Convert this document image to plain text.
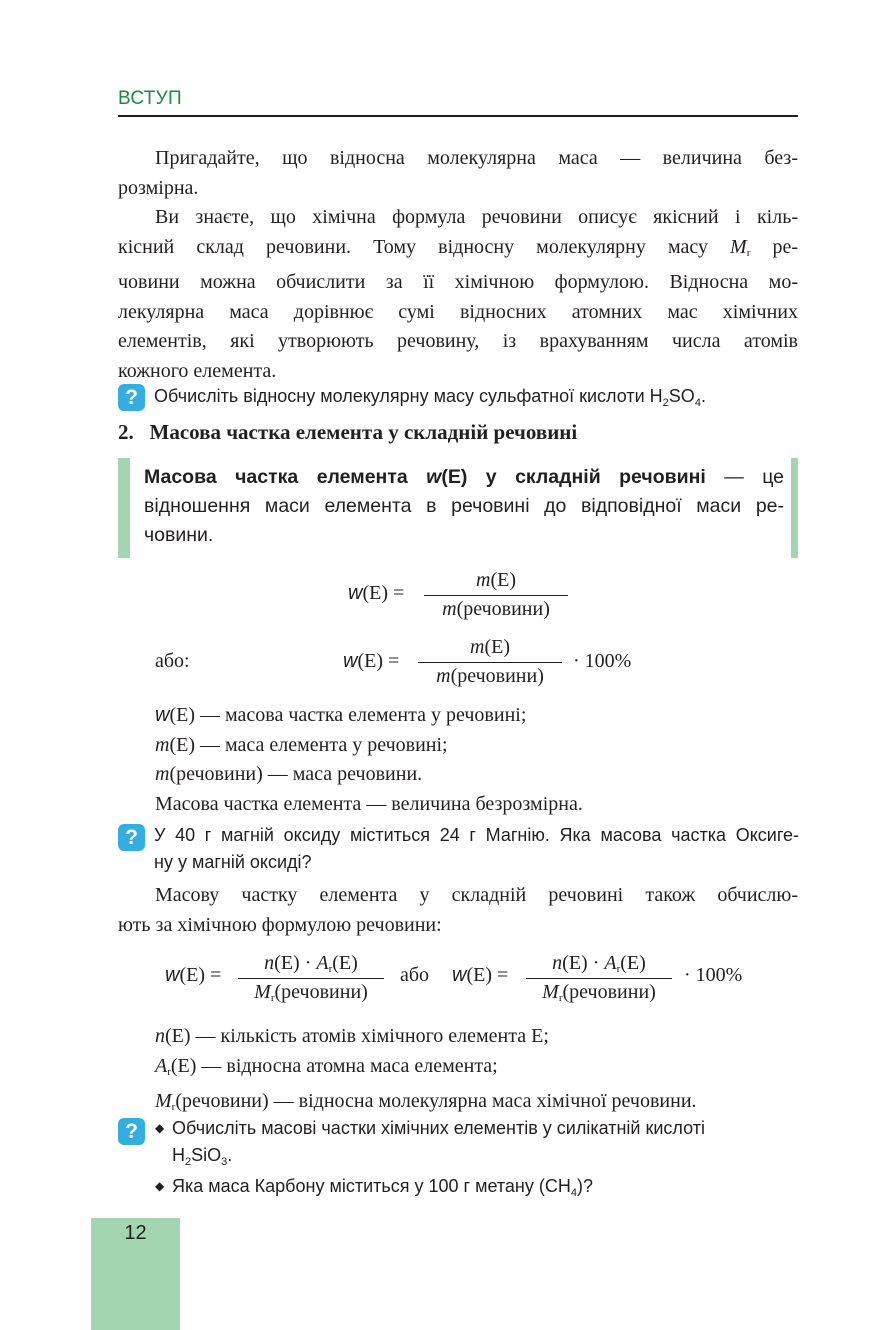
ВСТУП
Пригадайте, що відносна молекулярна маса — величина без-
розмірна.
Ви знаєте, що хімічна формула речовини описує якісний і кіль-
кісний склад речовини. Тому відносну молекулярну масу $M_r$ ре-
човини можна обчислити за її хімічною формулою. Відносна мо-
лекулярна маса дорівнює сумі відносних атомних мас хімічних
елементів, які утворюють речовину, із врахуванням числа атомів
кожного елемента.
? Обчисліть відносну молекулярну масу сульфатної кислоти $H_2SO_4$.
2.   Масова частка елемента у складній речовині
Масова частка елемента w(Е) у складній речовині — це
відношення маси елемента в речовині до відповідної маси ре-
човини.
w(Е) =
m(Е)
m(речовини)
або:	w(Е) =
m(Е)
m(речовини)
· 100%
w(Е) — масова частка елемента у речовині;
m(Е) — маса елемента у речовині;
m(речовини) — маса речовини.
Масова частка елемента — величина безрозмірна.
? У 40 г магній оксиду міститься 24 г Магнію. Яка масова частка Оксиге-
ну у магній оксиді?
Масову частку елемента у складній речовині також обчислю-
ють за хімічною формулою речовини:
w(Е) =
$n(Е) \cdot A_r(Е)$
$M_r(речовини)$
або w(Е) =
$n(Е) \cdot A_r(Е)$
$M_r(речовини)$
· 100%
n(Е) — кількість атомів хімічного елемента Е;
$A_r(Е)$ — відносна атомна маса елемента;
$M_r(речовини)$ — відносна молекулярна маса хімічної речовини.
?	◆ Обчисліть масові частки хімічних елементів у силікатній кислоті
$H_2SiO_3$.
◆ Яка маса Карбону міститься у 100 г метану $(CH_4)$?
12
